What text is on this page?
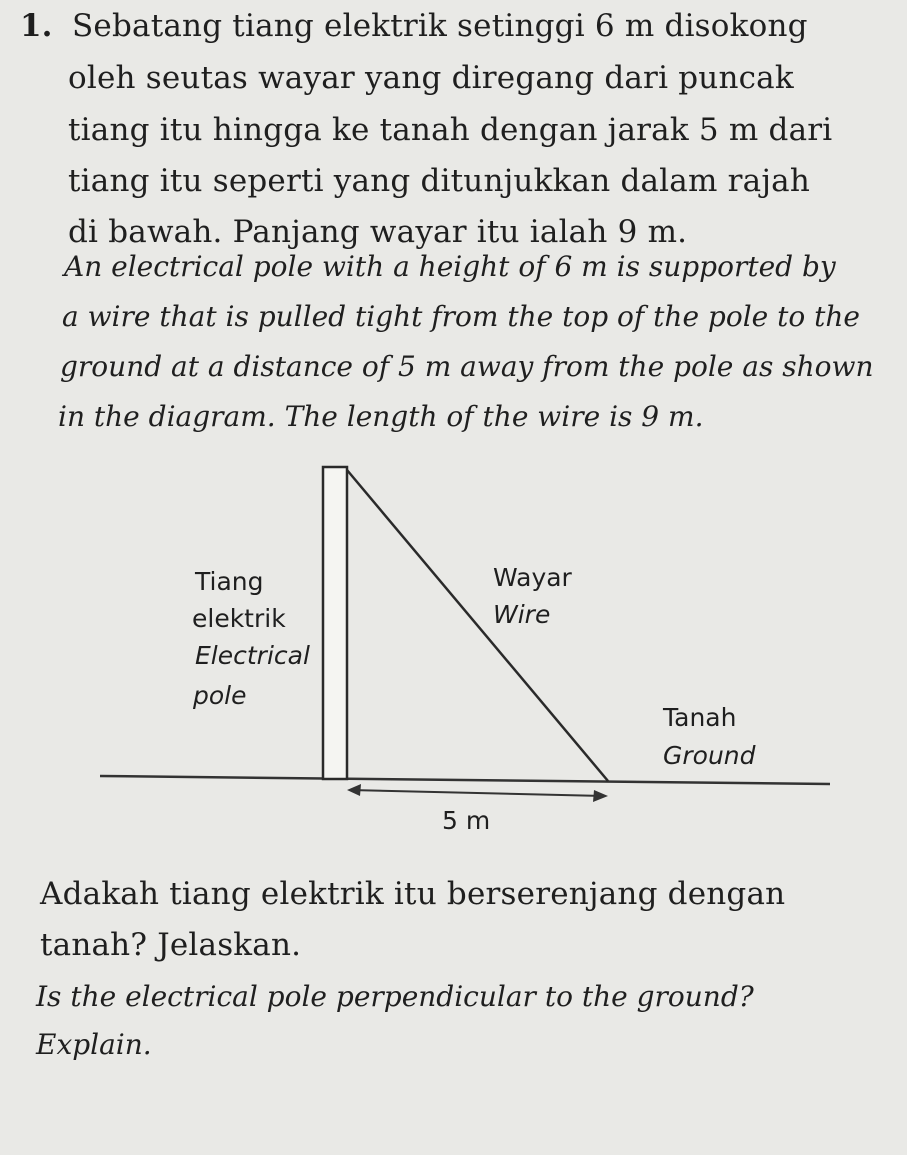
1. Sebatang tiang elektrik setinggi 6 m disokong
oleh seutas wayar yang diregang dari puncak
tiang itu hingga ke tanah dengan jarak 5 m dari
tiang itu seperti yang ditunjukkan dalam rajah
di bawah. Panjang wayar itu ialah 9 m.
An electrical pole with a height of 6 m is supported by
a wire that is pulled tight from the top of the pole to the
ground at a distance of 5 m away from the pole as shown
in the diagram. The length of the wire is 9 m.
Tiang
elektrik
Electrical
pole
Wayar
Wire
Tanah
Ground
5 m
Adakah tiang elektrik itu berserenjang dengan
tanah? Jelaskan.
Is the electrical pole perpendicular to the ground?
Explain.
